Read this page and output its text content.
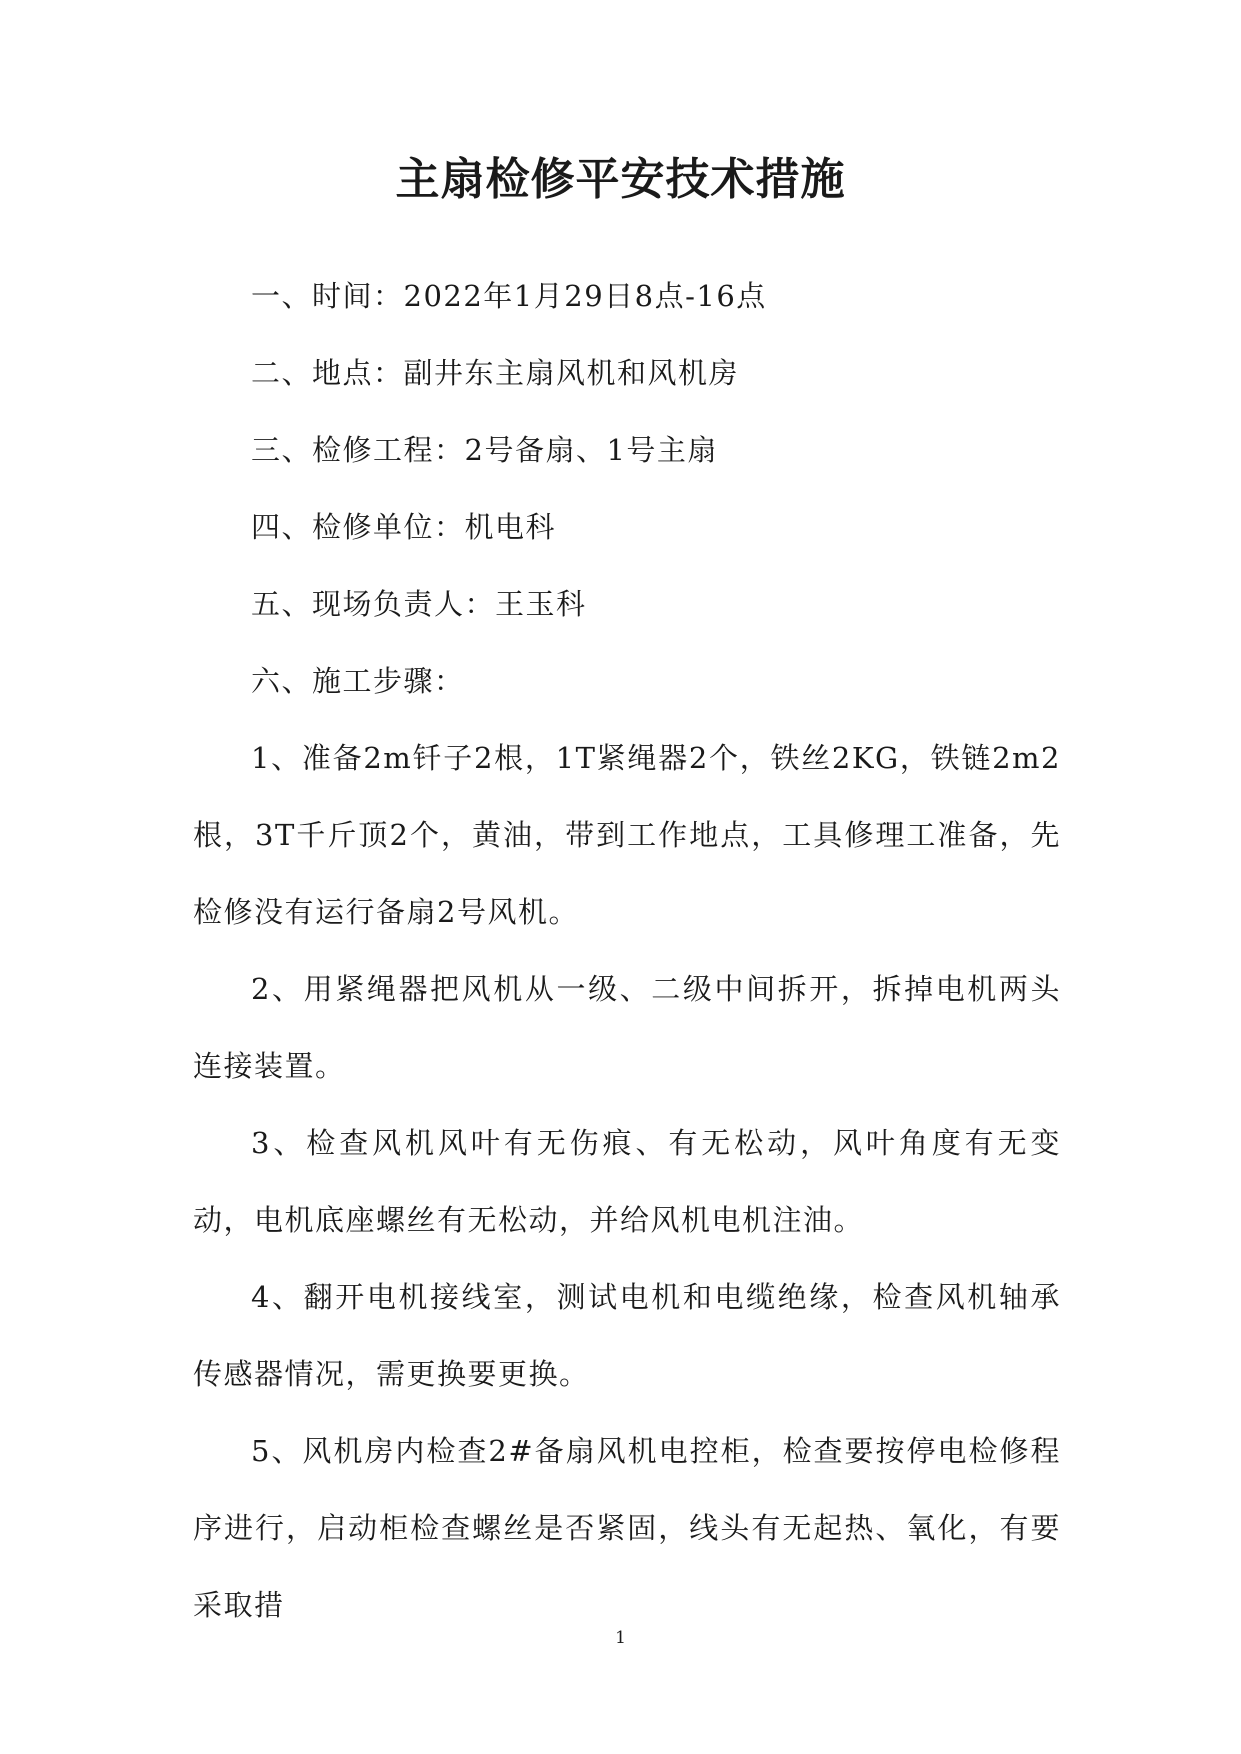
主扇检修平安技术措施

一、时间：2022年1月29日8点-16点

二、地点：副井东主扇风机和风机房

三、检修工程：2号备扇、1号主扇

四、检修单位：机电科

五、现场负责人：王玉科

六、施工步骤：

1、准备2m钎子2根，1T紧绳器2个，铁丝2KG，铁链2m2根，3T千斤顶2个，黄油，带到工作地点，工具修理工准备，先检修没有运行备扇2号风机。

2、用紧绳器把风机从一级、二级中间拆开，拆掉电机两头连接装置。

3、检查风机风叶有无伤痕、有无松动，风叶角度有无变动，电机底座螺丝有无松动，并给风机电机注油。

4、翻开电机接线室，测试电机和电缆绝缘，检查风机轴承传感器情况，需更换要更换。

5、风机房内检查2#备扇风机电控柜，检查要按停电检修程序进行，启动柜检查螺丝是否紧固，线头有无起热、氧化，有要采取措

1
